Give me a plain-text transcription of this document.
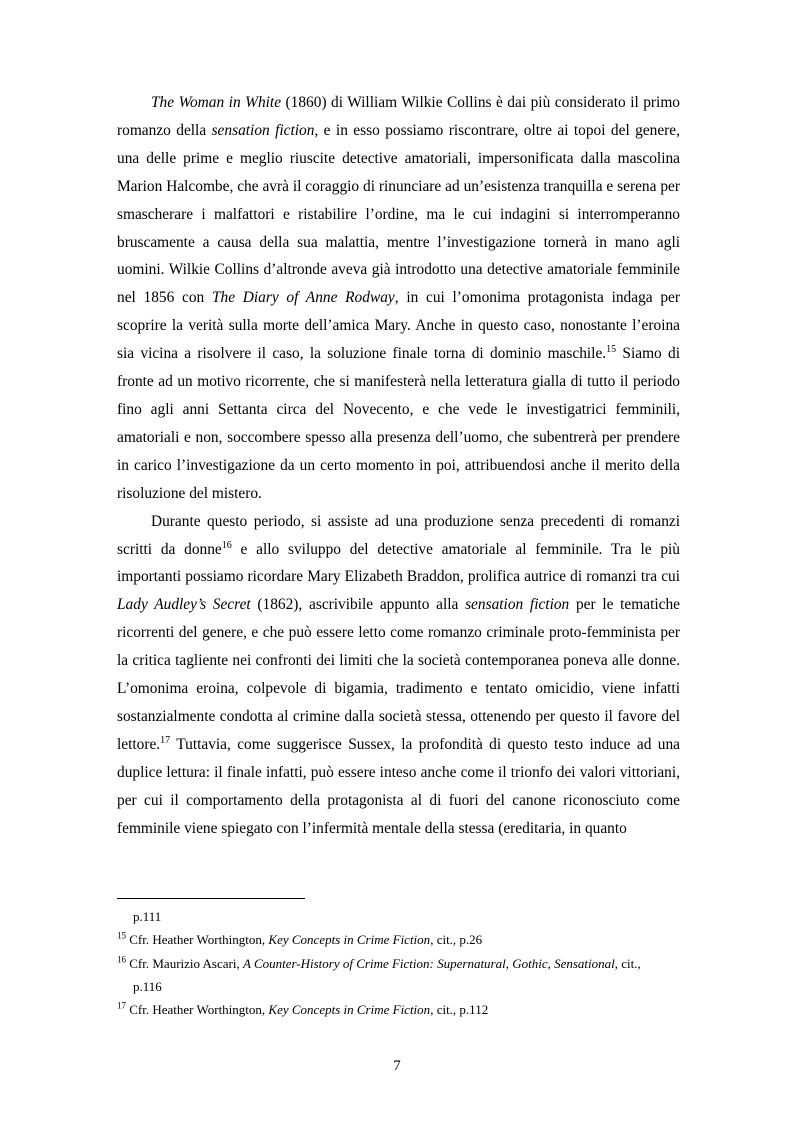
The Woman in White (1860) di William Wilkie Collins è dai più considerato il primo romanzo della sensation fiction, e in esso possiamo riscontrare, oltre ai topoi del genere, una delle prime e meglio riuscite detective amatoriali, impersonificata dalla mascolina Marion Halcombe, che avrà il coraggio di rinunciare ad un’esistenza tranquilla e serena per smascherare i malfattori e ristabilire l’ordine, ma le cui indagini si interromperanno bruscamente a causa della sua malattia, mentre l’investigazione tornerà in mano agli uomini. Wilkie Collins d’altronde aveva già introdotto una detective amatoriale femminile nel 1856 con The Diary of Anne Rodway, in cui l’omonima protagonista indaga per scoprire la verità sulla morte dell’amica Mary. Anche in questo caso, nonostante l’eroina sia vicina a risolvere il caso, la soluzione finale torna di dominio maschile.$^{15}$ Siamo di fronte ad un motivo ricorrente, che si manifesterà nella letteratura gialla di tutto il periodo fino agli anni Settanta circa del Novecento, e che vede le investigatrici femminili, amatoriali e non, soccombere spesso alla presenza dell’uomo, che subentrerà per prendere in carico l’investigazione da un certo momento in poi, attribuendosi anche il merito della risoluzione del mistero.

Durante questo periodo, si assiste ad una produzione senza precedenti di romanzi scritti da donne$^{16}$ e allo sviluppo del detective amatoriale al femminile. Tra le più importanti possiamo ricordare Mary Elizabeth Braddon, prolifica autrice di romanzi tra cui Lady Audley’s Secret (1862), ascrivibile appunto alla sensation fiction per le tematiche ricorrenti del genere, e che può essere letto come romanzo criminale proto-femminista per la critica tagliente nei confronti dei limiti che la società contemporanea poneva alle donne. L’omonima eroina, colpevole di bigamia, tradimento e tentato omicidio, viene infatti sostanzialmente condotta al crimine dalla società stessa, ottenendo per questo il favore del lettore.$^{17}$ Tuttavia, come suggerisce Sussex, la profondità di questo testo induce ad una duplice lettura: il finale infatti, può essere inteso anche come il trionfo dei valori vittoriani, per cui il comportamento della protagonista al di fuori del canone riconosciuto come femminile viene spiegato con l’infermità mentale della stessa (ereditaria, in quanto

p.111
$^{15}$ Cfr. Heather Worthington, Key Concepts in Crime Fiction, cit., p.26
$^{16}$ Cfr. Maurizio Ascari, A Counter-History of Crime Fiction: Supernatural, Gothic, Sensational, cit.,
p.116
$^{17}$ Cfr. Heather Worthington, Key Concepts in Crime Fiction, cit., p.112
7
